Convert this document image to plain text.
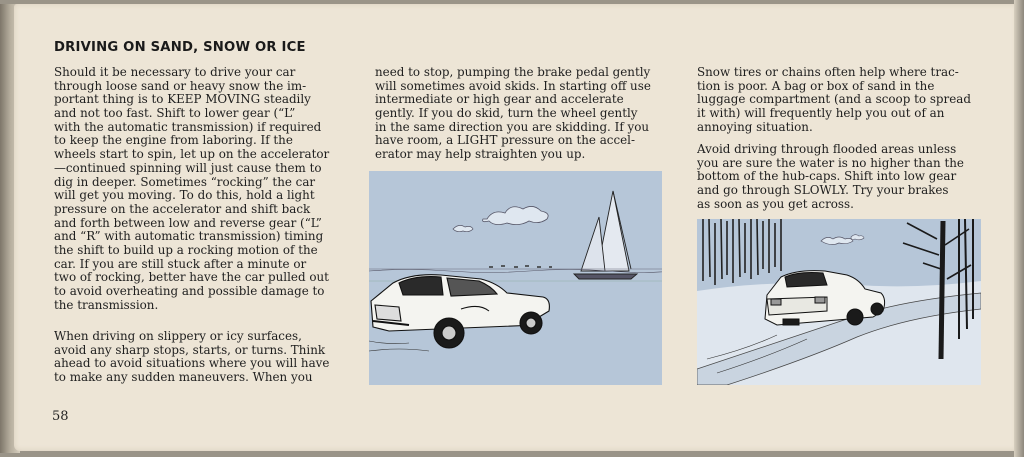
DRIVING ON SAND, SNOW OR ICE

Should it be necessary to drive your car
through loose sand or heavy snow the im-
portant thing is to KEEP MOVING steadily
and not too fast. Shift to lower gear (“L”
with the automatic transmission) if required
to keep the engine from laboring. If the
wheels start to spin, let up on the accelerator
—continued spinning will just cause them to
dig in deeper. Sometimes “rocking” the car
will get you moving. To do this, hold a light
pressure on the accelerator and shift back
and forth between low and reverse gear (“L”
and “R” with automatic transmission) timing
the shift to build up a rocking motion of the
car. If you are still stuck after a minute or
two of rocking, better have the car pulled out
to avoid overheating and possible damage to
the transmission.

When driving on slippery or icy surfaces,
avoid any sharp stops, starts, or turns. Think
ahead to avoid situations where you will have
to make any sudden maneuvers. When you

need to stop, pumping the brake pedal gently
will sometimes avoid skids. In starting off use
intermediate or high gear and accelerate
gently. If you do skid, turn the wheel gently
in the same direction you are skidding. If you
have room, a LIGHT pressure on the accel-
erator may help straighten you up.

Snow tires or chains often help where trac-
tion is poor. A bag or box of sand in the
luggage compartment (and a scoop to spread
it with) will frequently help you out of an
annoying situation.

Avoid driving through flooded areas unless
you are sure the water is no higher than the
bottom of the hub-caps. Shift into low gear
and go through SLOWLY. Try your brakes
as soon as you get across.

58
